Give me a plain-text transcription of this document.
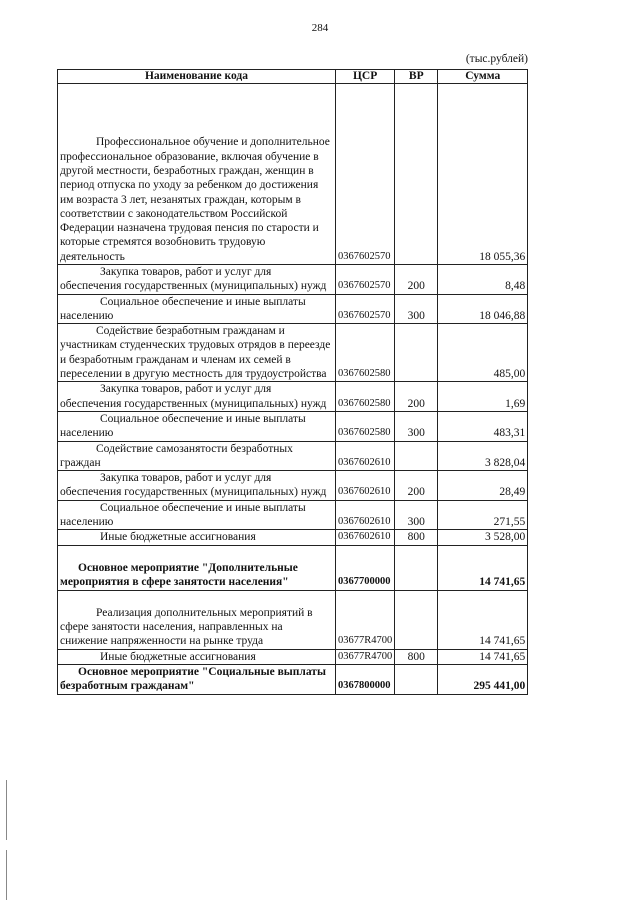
284
(тыс.рублей)
Наименование кода	ЦСР	ВР	Сумма

Профессиональное обучение и дополнительное профессиональное образование, включая обучение в другой местности, безработных граждан, женщин в период отпуска по уходу за ребенком до достижения им возраста 3 лет, незанятых граждан, которым в соответствии с законодательством Российской Федерации назначена трудовая пенсия по старости и которые стремятся возобновить трудовую деятельность	0367602570		18 055,36

Закупка товаров, работ и услуг для обеспечения государственных (муниципальных) нужд	0367602570	200	8,48

Социальное обеспечение и иные выплаты населению	0367602570	300	18 046,88

Содействие безработным гражданам и участникам студенческих трудовых отрядов в переезде и безработным гражданам и членам их семей в переселении в другую местность для трудоустройства	0367602580		485,00

Закупка товаров, работ и услуг для обеспечения государственных (муниципальных) нужд	0367602580	200	1,69

Социальное обеспечение и иные выплаты населению	0367602580	300	483,31

Содействие самозанятости безработных граждан	0367602610		3 828,04

Закупка товаров, работ и услуг для обеспечения государственных (муниципальных) нужд	0367602610	200	28,49

Социальное обеспечение и иные выплаты населению	0367602610	300	271,55

Иные бюджетные ассигнования	0367602610	800	3 528,00

Основное мероприятие "Дополнительные мероприятия в сфере занятости населения"	0367700000		14 741,65

Реализация дополнительных мероприятий в сфере занятости населения, направленных на снижение напряженности на рынке труда	03677R4700		14 741,65

Иные бюджетные ассигнования	03677R4700	800	14 741,65

Основное мероприятие "Социальные выплаты безработным гражданам"	0367800000		295 441,00
